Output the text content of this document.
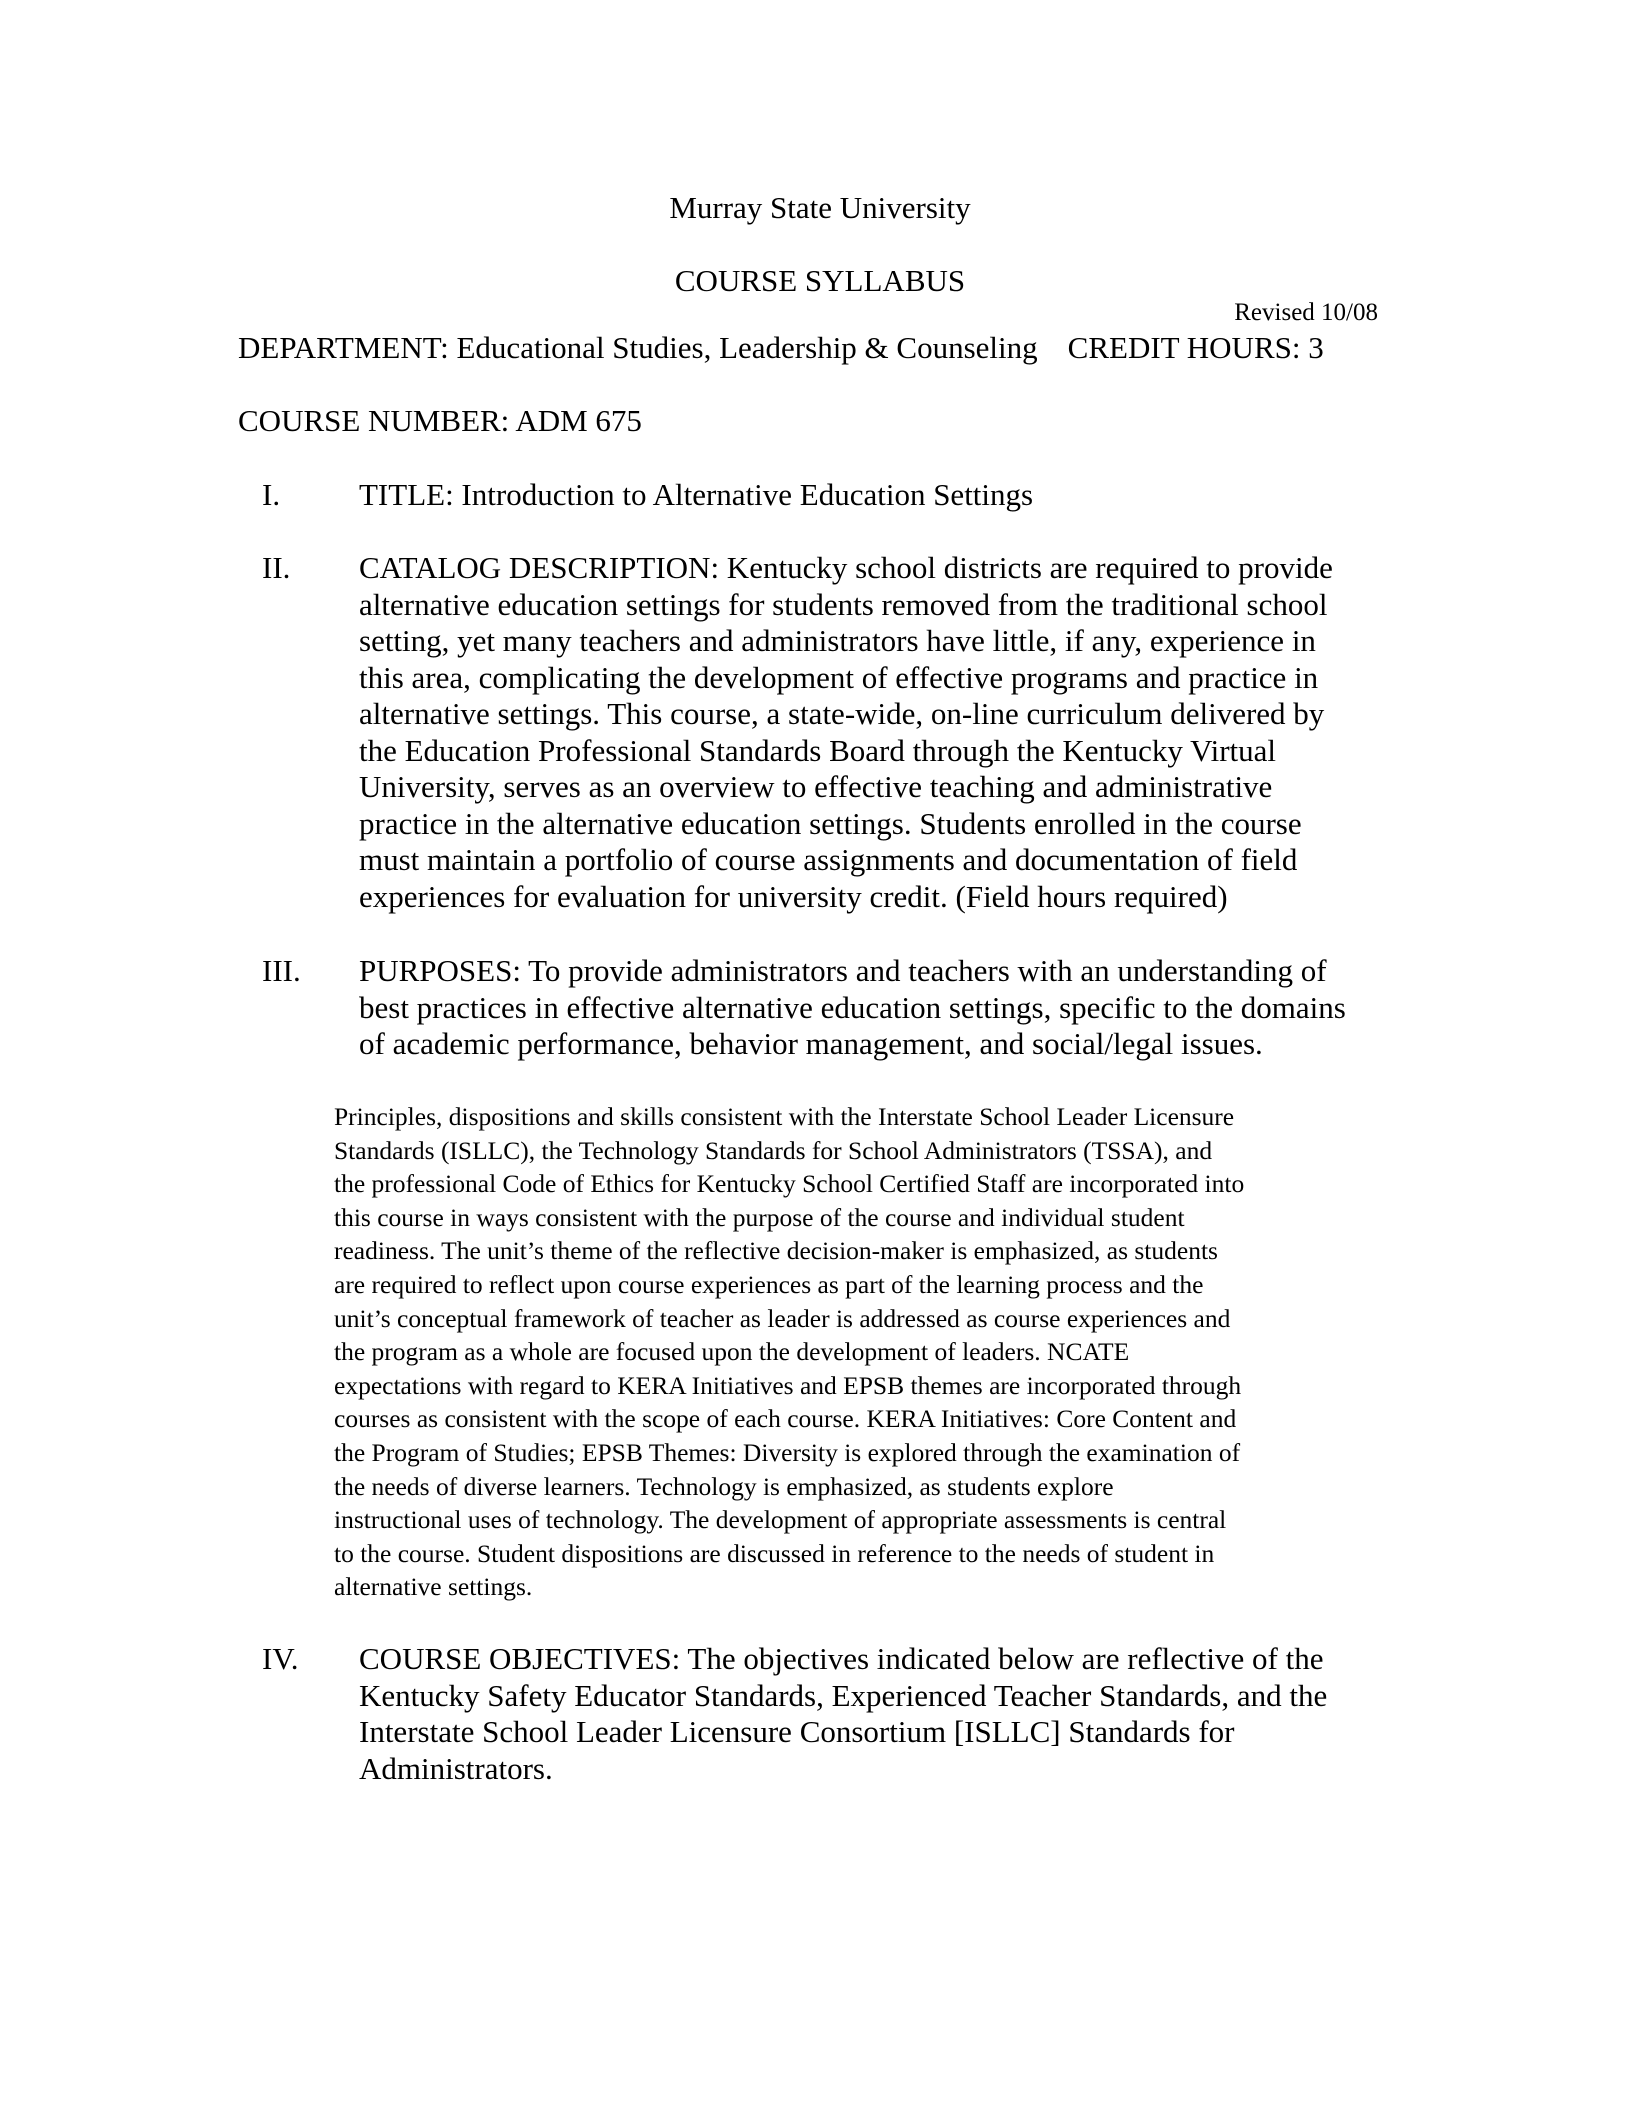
Murray State University
COURSE SYLLABUS
Revised 10/08
DEPARTMENT: Educational Studies, Leadership & Counseling CREDIT HOURS: 3
COURSE NUMBER: ADM 675
I.	TITLE: Introduction to Alternative Education Settings
II. CATALOG DESCRIPTION: Kentucky school districts are required to provide
alternative education settings for students removed from the traditional school
setting, yet many teachers and administrators have little, if any, experience in
this area, complicating the development of effective programs and practice in
alternative settings. This course, a state-wide, on-line curriculum delivered by
the Education Professional Standards Board through the Kentucky Virtual
University, serves as an overview to effective teaching and administrative
practice in the alternative education settings. Students enrolled in the course
must maintain a portfolio of course assignments and documentation of field
experiences for evaluation for university credit. (Field hours required)
III. PURPOSES: To provide administrators and teachers with an understanding of
best practices in effective alternative education settings, specific to the domains
of academic performance, behavior management, and social/legal issues.
Principles, dispositions and skills consistent with the Interstate School Leader Licensure
Standards (ISLLC), the Technology Standards for School Administrators (TSSA), and
the professional Code of Ethics for Kentucky School Certified Staff are incorporated into
this course in ways consistent with the purpose of the course and individual student
readiness. The unit’s theme of the reflective decision-maker is emphasized, as students
are required to reflect upon course experiences as part of the learning process and the
unit’s conceptual framework of teacher as leader is addressed as course experiences and
the program as a whole are focused upon the development of leaders. NCATE
expectations with regard to KERA Initiatives and EPSB themes are incorporated through
courses as consistent with the scope of each course. KERA Initiatives: Core Content and
the Program of Studies; EPSB Themes: Diversity is explored through the examination of
the needs of diverse learners. Technology is emphasized, as students explore
instructional uses of technology. The development of appropriate assessments is central
to the course. Student dispositions are discussed in reference to the needs of student in
alternative settings.
IV. COURSE OBJECTIVES: The objectives indicated below are reflective of the
Kentucky Safety Educator Standards, Experienced Teacher Standards, and the
Interstate School Leader Licensure Consortium [ISLLC] Standards for
Administrators.
